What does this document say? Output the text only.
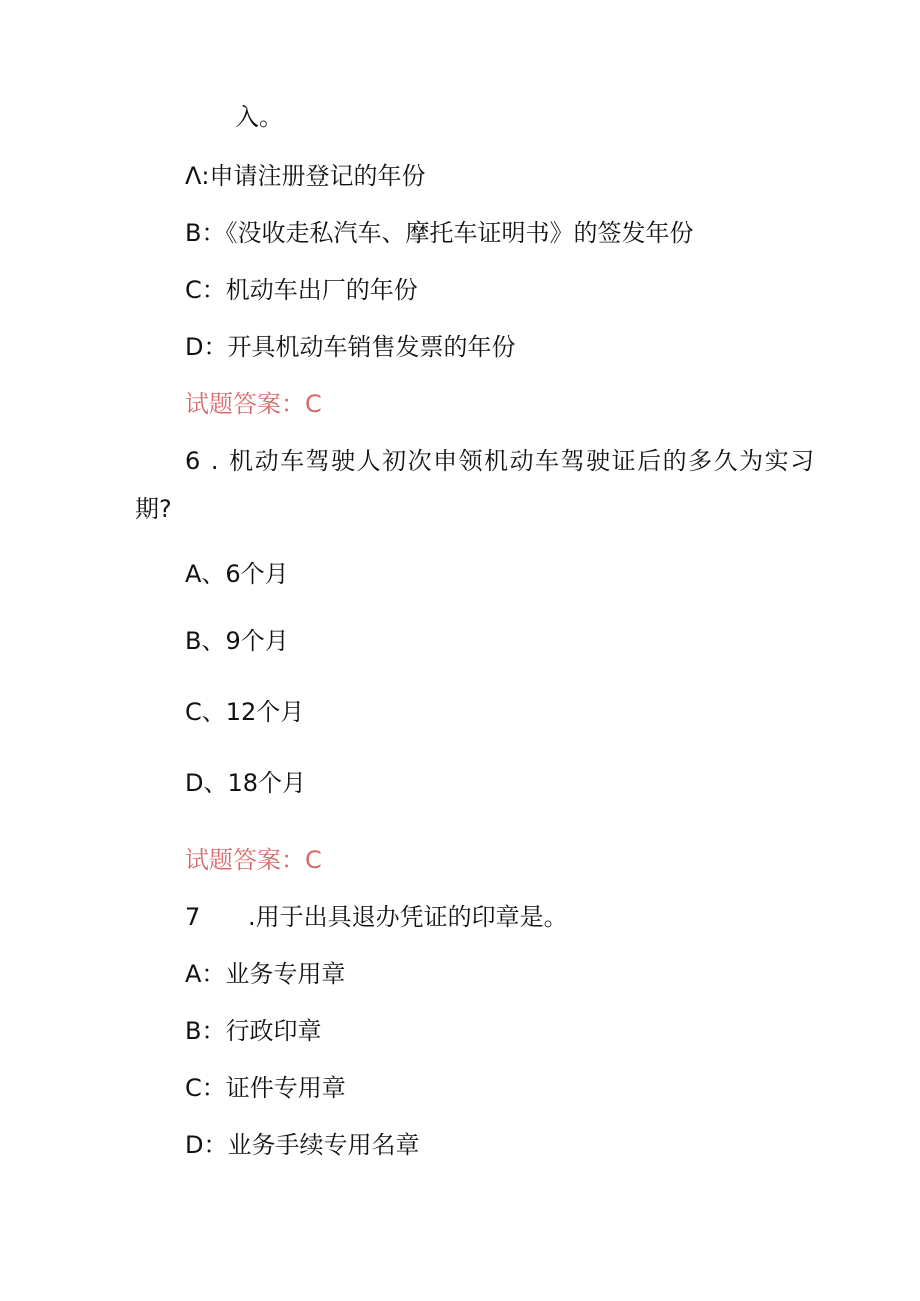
入。
Λ:申请注册登记的年份
B：《没收走私汽车、摩托车证明书》的签发年份
C：机动车出厂的年份
D：开具机动车销售发票的年份
试题答案：C
6 . 机动车驾驶人初次申领机动车驾驶证后的多久为实习
期?
A、6个月
B、9个月
C、12个月
D、18个月
试题答案：C
7 .用于出具退办凭证的印章是。
A：业务专用章
B：行政印章
C：证件专用章
D：业务手续专用名章
